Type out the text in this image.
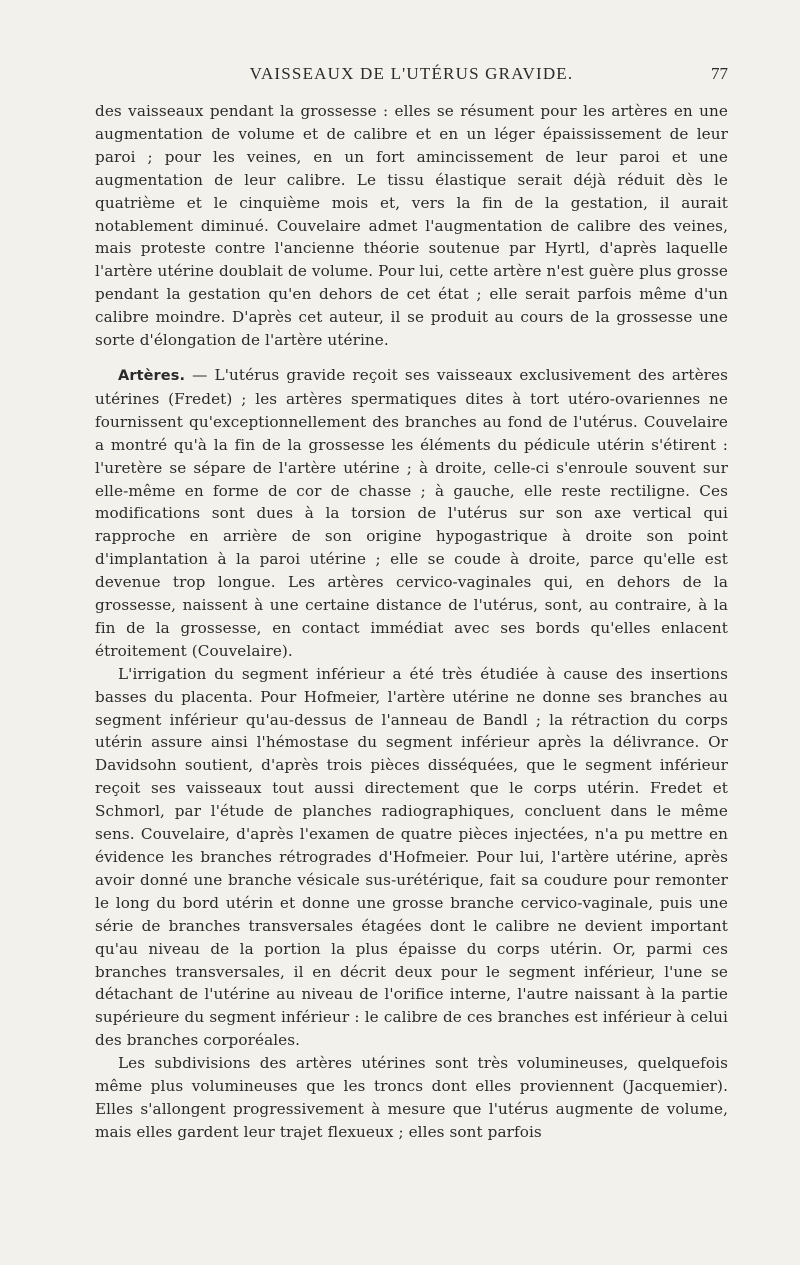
VAISSEAUX DE L'UTÉRUS GRAVIDE.	77

des vaisseaux pendant la grossesse : elles se résument pour les artères en une augmentation de volume et de calibre et en un léger épaississement de leur paroi ; pour les veines, en un fort amincissement de leur paroi et une augmentation de leur calibre. Le tissu élastique serait déjà réduit dès le quatrième et le cinquième mois et, vers la fin de la gestation, il aurait notablement diminué. Couvelaire admet l'augmentation de calibre des veines, mais proteste contre l'ancienne théorie soutenue par Hyrtl, d'après laquelle l'artère utérine doublait de volume. Pour lui, cette artère n'est guère plus grosse pendant la gestation qu'en dehors de cet état ; elle serait parfois même d'un calibre moindre. D'après cet auteur, il se produit au cours de la grossesse une sorte d'élongation de l'artère utérine.

Artères. — L'utérus gravide reçoit ses vaisseaux exclusivement des artères utérines (Fredet) ; les artères spermatiques dites à tort utéro-ovariennes ne fournissent qu'exceptionnellement des branches au fond de l'utérus. Couvelaire a montré qu'à la fin de la grossesse les éléments du pédicule utérin s'étirent : l'uretère se sépare de l'artère utérine ; à droite, celle-ci s'enroule souvent sur elle-même en forme de cor de chasse ; à gauche, elle reste rectiligne. Ces modifications sont dues à la torsion de l'utérus sur son axe vertical qui rapproche en arrière de son origine hypogastrique à droite son point d'implantation à la paroi utérine ; elle se coude à droite, parce qu'elle est devenue trop longue. Les artères cervico-vaginales qui, en dehors de la grossesse, naissent à une certaine distance de l'utérus, sont, au contraire, à la fin de la grossesse, en contact immédiat avec ses bords qu'elles enlacent étroitement (Couvelaire).

L'irrigation du segment inférieur a été très étudiée à cause des insertions basses du placenta. Pour Hofmeier, l'artère utérine ne donne ses branches au segment inférieur qu'au-dessus de l'anneau de Bandl ; la rétraction du corps utérin assure ainsi l'hémostase du segment inférieur après la délivrance. Or Davidsohn soutient, d'après trois pièces disséquées, que le segment inférieur reçoit ses vaisseaux tout aussi directement que le corps utérin. Fredet et Schmorl, par l'étude de planches radiographiques, concluent dans le même sens. Couvelaire, d'après l'examen de quatre pièces injectées, n'a pu mettre en évidence les branches rétrogrades d'Hofmeier. Pour lui, l'artère utérine, après avoir donné une branche vésicale sus-urétérique, fait sa coudure pour remonter le long du bord utérin et donne une grosse branche cervico-vaginale, puis une série de branches transversales étagées dont le calibre ne devient important qu'au niveau de la portion la plus épaisse du corps utérin. Or, parmi ces branches transversales, il en décrit deux pour le segment inférieur, l'une se détachant de l'utérine au niveau de l'orifice interne, l'autre naissant à la partie supérieure du segment inférieur : le calibre de ces branches est inférieur à celui des branches corporéales.

Les subdivisions des artères utérines sont très volumineuses, quelquefois même plus volumineuses que les troncs dont elles proviennent (Jacquemier). Elles s'allongent progressivement à mesure que l'utérus augmente de volume, mais elles gardent leur trajet flexueux ; elles sont parfois
